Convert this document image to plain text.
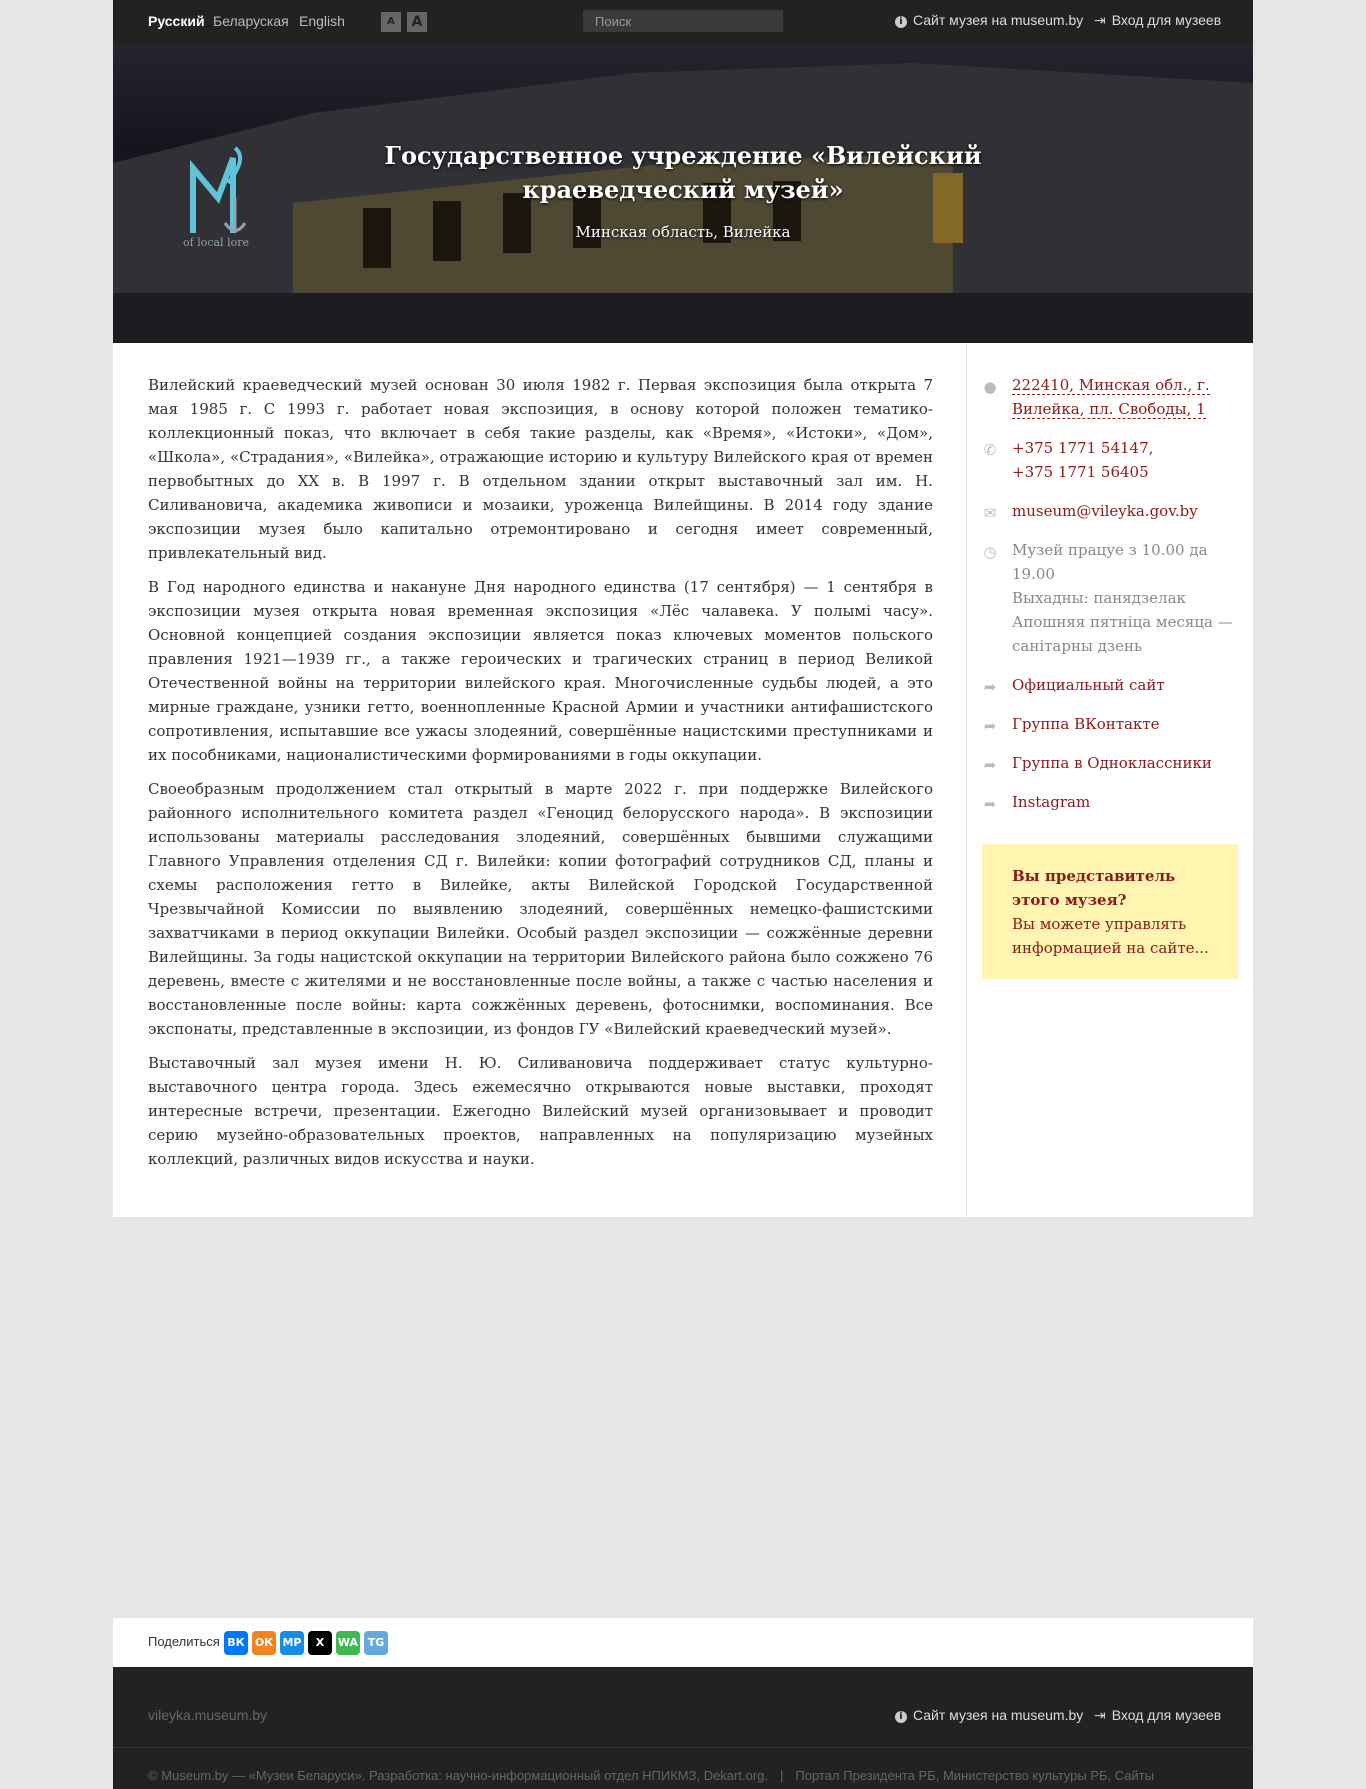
Русский Беларуская English	A	A
Поиск	i Сайт музея на museum.by ⇥ Вход для музеев
of local lore
Государственное учреждение «Вилейский краеведческий музей»
Минская область, Вилейка

Вилейский краеведческий музей основан 30 июля 1982 г. Первая экспозиция была открыта 7 мая 1985 г. С 1993 г. работает новая экспозиция, в основу которой положен тематико-коллекционный показ, что включает в себя такие разделы, как «Время», «Истоки», «Дом», «Школа», «Страдания», «Вилейка», отражающие историю и культуру Вилейского края от времен первобытных до XX в. В 1997 г. В отдельном здании открыт выставочный зал им. Н. Силивановича, академика живописи и мозаики, уроженца Вилейщины. В 2014 году здание экспозиции музея было капитально отремонтировано и сегодня имеет современный, привлекательный вид.

В Год народного единства и накануне Дня народного единства (17 сентября) — 1 сентября в экспозиции музея открыта новая временная экспозиция «Лёс чалавека. У полымі часу». Основной концепцией создания экспозиции является показ ключевых моментов польского правления 1921—1939 гг., а также героических и трагических страниц в период Великой Отечественной войны на территории вилейского края. Многочисленные судьбы людей, а это мирные граждане, узники гетто, военнопленные Красной Армии и участники антифашистского сопротивления, испытавшие все ужасы злодеяний, совершённые нацистскими преступниками и их пособниками, националистическими формированиями в годы оккупации.

Своеобразным продолжением стал открытый в марте 2022 г. при поддержке Вилейского районного исполнительного комитета раздел «Геноцид белорусского народа». В экспозиции использованы материалы расследования злодеяний, совершённых бывшими служащими Главного Управления отделения СД г. Вилейки: копии фотографий сотрудников СД, планы и схемы расположения гетто в Вилейке, акты Вилейской Городской Государственной Чрезвычайной Комиссии по выявлению злодеяний, совершённых немецко-фашистскими захватчиками в период оккупации Вилейки. Особый раздел экспозиции — сожжённые деревни Вилейщины. За годы нацистской оккупации на территории Вилейского района было сожжено 76 деревень, вместе с жителями и не восстановленные после войны, а также с частью населения и восстановленные после войны: карта сожжённых деревень, фотоснимки, воспоминания. Все экспонаты, представленные в экспозиции, из фондов ГУ «Вилейский краеведческий музей».

Выставочный зал музея имени Н. Ю. Силивановича поддерживает статус культурно-выставочного центра города. Здесь ежемесячно открываются новые выставки, проходят интересные встречи, презентации. Ежегодно Вилейский музей организовывает и проводит серию музейно-образовательных проектов, направленных на популяризацию музейных коллекций, различных видов искусства и науки.

● 222410, Минская обл., г. Вилейка, пл. Свободы, 1
✆ +375 1771 54147,
+375 1771 56405
✉ museum@vileyka.gov.by
◷ Музей працуе з 10.00 да 19.00
Выхадны: панядзелак
Апошняя пятніца месяца — санітарны дзень
➦ Официальный сайт
➦ Группа ВКонтакте
➦ Группа в Одноклассники
➦ Instagram
Вы представитель этого музея?
Вы можете управлять информацией на сайте...
Поделиться ВК ОК МР	X	WA TG
vileyka.museum.by	i Сайт музея на museum.by ⇥ Вход для музеев
© Museum.by — «Музеи Беларуси». Разработка: научно-информационный отдел НПИКМЗ, Dekart.org. | Портал Президента РБ, Министерство культуры РБ, Сайты
